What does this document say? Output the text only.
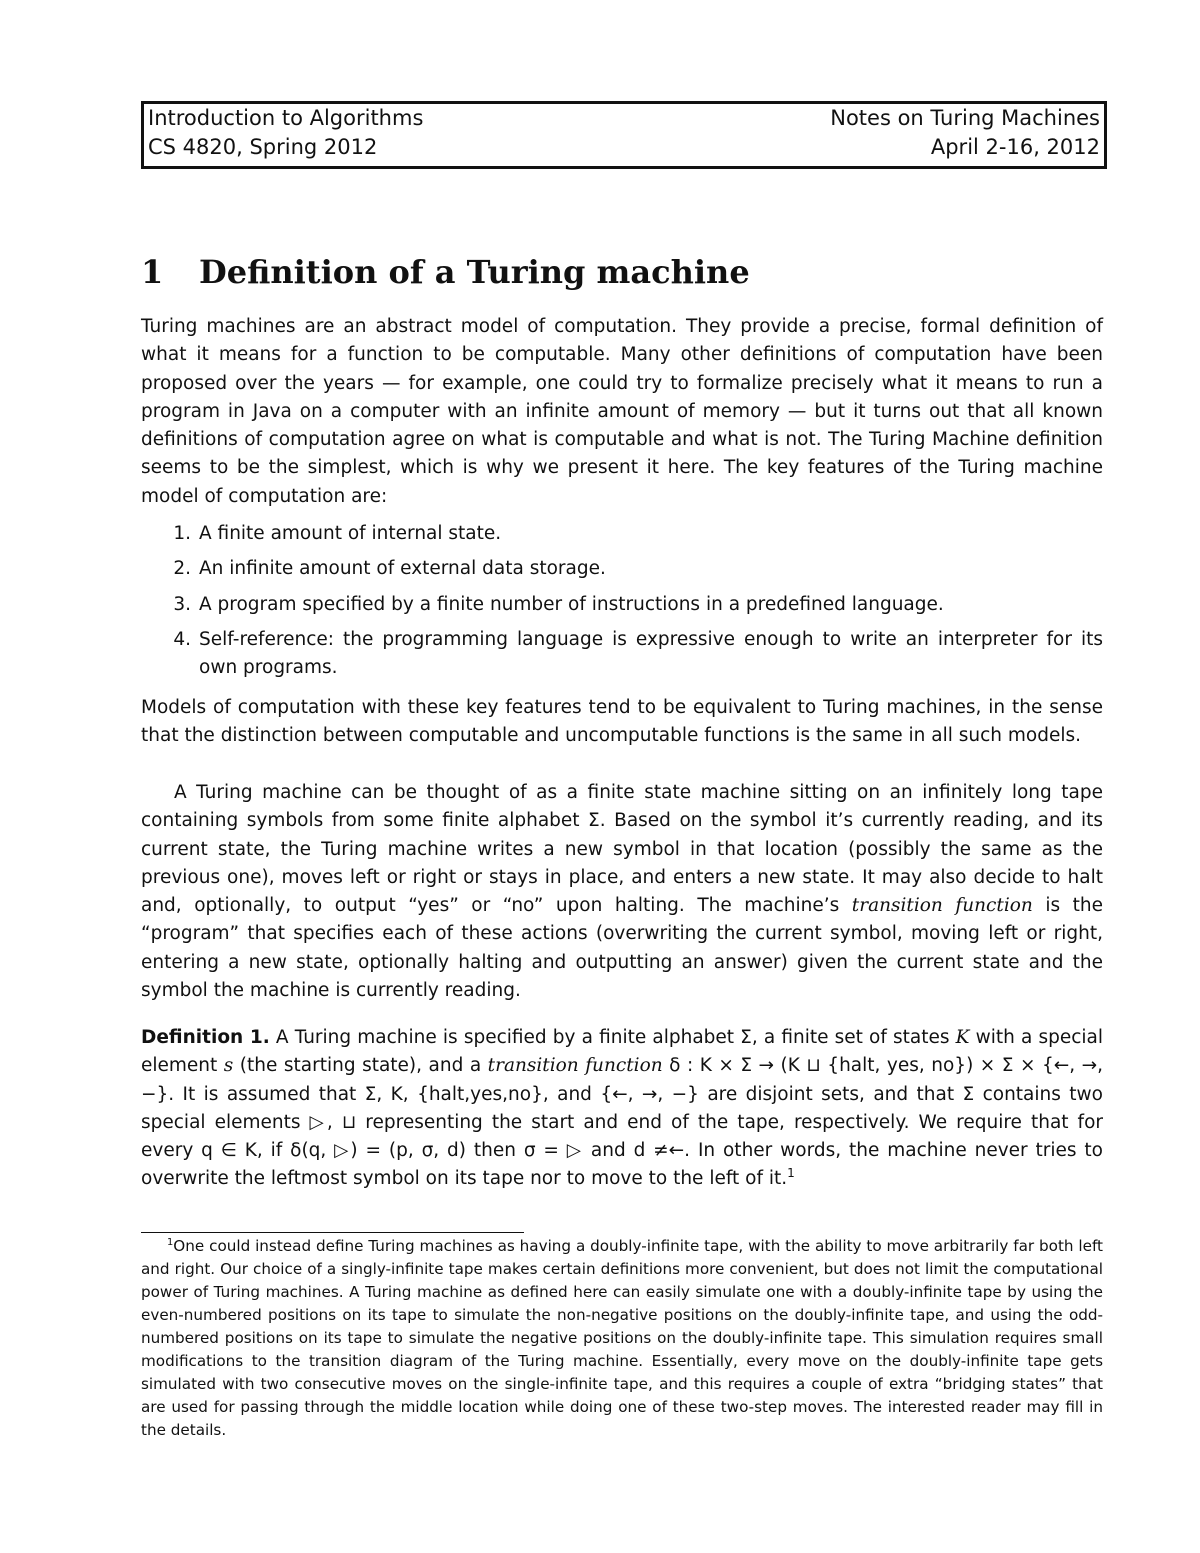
Introduction to Algorithms	Notes on Turing Machines
CS 4820, Spring 2012	April 2-16, 2012
1 Definition of a Turing machine

Turing machines are an abstract model of computation. They provide a precise, formal definition of what it means for a function to be computable. Many other definitions of computation have been proposed over the years — for example, one could try to formalize precisely what it means to run a program in Java on a computer with an infinite amount of memory — but it turns out that all known definitions of computation agree on what is computable and what is not. The Turing Machine definition seems to be the simplest, which is why we present it here. The key features of the Turing machine model of computation are:

1. A finite amount of internal state.
2. An infinite amount of external data storage.
3. A program specified by a finite number of instructions in a predefined language.
4. Self-reference: the programming language is expressive enough to write an interpreter for its own programs.

Models of computation with these key features tend to be equivalent to Turing machines, in the sense that the distinction between computable and uncomputable functions is the same in all such models.

A Turing machine can be thought of as a finite state machine sitting on an infinitely long tape containing symbols from some finite alphabet Σ. Based on the symbol it’s currently reading, and its current state, the Turing machine writes a new symbol in that location (possibly the same as the previous one), moves left or right or stays in place, and enters a new state. It may also decide to halt and, optionally, to output “yes” or “no” upon halting. The machine’s transition function is the “program” that specifies each of these actions (overwriting the current symbol, moving left or right, entering a new state, optionally halting and outputting an answer) given the current state and the symbol the machine is currently reading.

Definition 1. A Turing machine is specified by a finite alphabet Σ, a finite set of states K with a special element s (the starting state), and a transition function δ : K × Σ → (K ⊔ {halt, yes, no}) × Σ × {←, →, −}. It is assumed that Σ, K, {halt,yes,no}, and {←, →, −} are disjoint sets, and that Σ contains two special elements ▷, ⊔ representing the start and end of the tape, respectively. We require that for every q ∈ K, if δ(q, ▷) = (p, σ, d) then σ = ▷ and d ≠←. In other words, the machine never tries to overwrite the leftmost symbol on its tape nor to move to the left of it.$^1$

$^1$One could instead define Turing machines as having a doubly-infinite tape, with the ability to move arbitrarily far both left and right. Our choice of a singly-infinite tape makes certain definitions more convenient, but does not limit the computational power of Turing machines. A Turing machine as defined here can easily simulate one with a doubly-infinite tape by using the even-numbered positions on its tape to simulate the non-negative positions on the doubly-infinite tape, and using the odd-numbered positions on its tape to simulate the negative positions on the doubly-infinite tape. This simulation requires small modifications to the transition diagram of the Turing machine. Essentially, every move on the doubly-infinite tape gets simulated with two consecutive moves on the single-infinite tape, and this requires a couple of extra “bridging states” that are used for passing through the middle location while doing one of these two-step moves. The interested reader may fill in the details.
